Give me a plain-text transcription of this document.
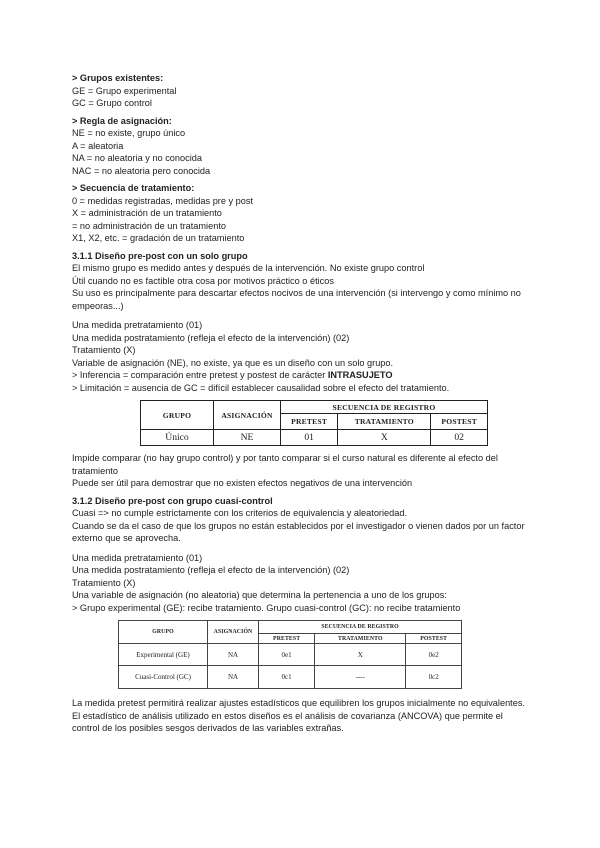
> Grupos existentes:
GE = Grupo experimental
GC = Grupo control
> Regla de asignación:
NE = no existe, grupo único
A = aleatoria
NA = no aleatoria y no conocida
NAC = no aleatoria pero conocida
> Secuencia de tratamiento:
0 = medidas registradas, medidas pre y post
X = administración de un tratamiento
= no administración de un tratamiento
X1, X2, etc. = gradación de un tratamiento
3.1.1 Diseño pre-post con un solo grupo
El mismo grupo es medido antes y después de la intervención. No existe grupo control
Útil cuando no es factible otra cosa por motivos práctico o éticos
Su uso es principalmente para descartar efectos nocivos de una intervención (si intervengo y como mínimo no empeoras...)
Una medida pretratamiento (01)
Una medida postratamiento (refleja el efecto de la intervención) (02)
Tratamiento (X)
Variable de asignación (NE), no existe, ya que es un diseño con un solo grupo.
> Inferencia = comparación entre pretest y postest de carácter INTRASUJETO
> Limitación = ausencia de GC = difícil establecer causalidad sobre el efecto del tratamiento.
GRUPO	ASIGNACIÓN	SECUENCIA DE REGISTRO		
		PRETEST	TRATAMIENTO	POSTEST
Único	NE	01	X	02
Impide comparar (no hay grupo control) y por tanto comparar si el curso natural es diferente al efecto del tratamiento
Puede ser útil para demostrar que no existen efectos negativos de una intervención
3.1.2 Diseño pre-post con grupo cuasi-control
Cuasi => no cumple estrictamente con los criterios de equivalencia y aleatoriedad.
Cuando se da el caso de que los grupos no están establecidos por el investigador o vienen dados por un factor externo que se aprovecha.
Una medida pretratamiento (01)
Una medida postratamiento (refleja el efecto de la intervención) (02)
Tratamiento (X)
Una variable de asignación (no aleatoria) que determina la pertenencia a uno de los grupos:
> Grupo experimental (GE): recibe tratamiento. Grupo cuasi-control (GC): no recibe tratamiento
GRUPO	ASIGNACIÓN	SECUENCIA DE REGISTRO		
		PRETEST	TRATAMIENTO	POSTEST
Experimental (GE)	NA	0e1	X	0e2
Cuasi-Control (GC)	NA	0c1	----	0c2
La medida pretest permitirá realizar ajustes estadísticos que equilibren los grupos inicialmente no equivalentes.
El estadístico de análisis utilizado en estos diseños es el análisis de covarianza (ANCOVA) que permite el control de los posibles sesgos derivados de las variables extrañas.
